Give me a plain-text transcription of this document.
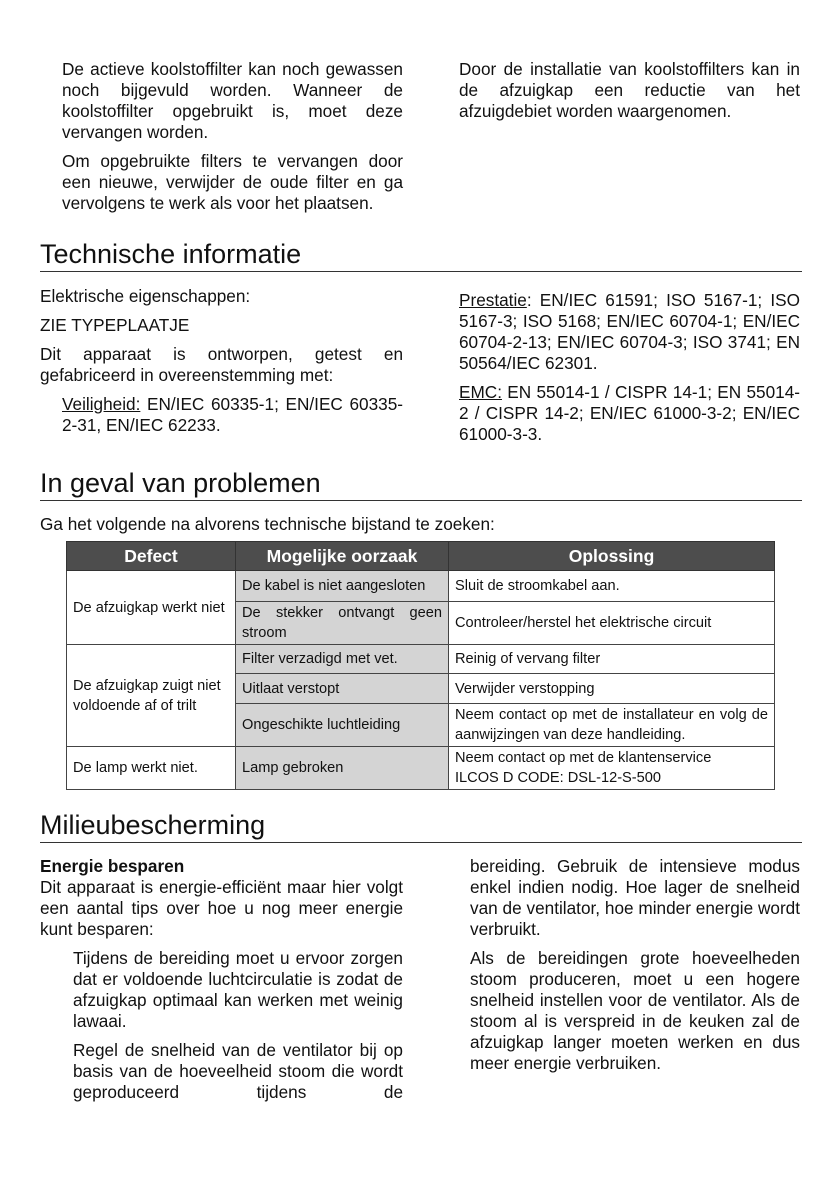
De actieve koolstoffilter kan noch gewassen noch bijgevuld worden. Wanneer de koolstoffilter opgebruikt is, moet deze vervangen worden.

Om opgebruikte filters te vervangen door een nieuwe, verwijder de oude filter en ga vervolgens te werk als voor het plaatsen.

Door de installatie van koolstoffilters kan in de afzuigkap een reductie van het afzuigdebiet worden waargenomen.

Technische informatie

Elektrische eigenschappen:

ZIE TYPEPLAATJE

Dit apparaat is ontworpen, getest en gefabriceerd in overeenstemming met:

Veiligheid: EN/IEC 60335-1; EN/IEC 60335-2-31, EN/IEC 62233.

Prestatie: EN/IEC 61591; ISO 5167-1; ISO 5167-3; ISO 5168; EN/IEC 60704-1; EN/IEC 60704-2-13; EN/IEC 60704-3; ISO 3741; EN 50564/IEC 62301.

EMC: EN 55014-1 / CISPR 14-1; EN 55014-2 / CISPR 14-2; EN/IEC 61000-3-2; EN/IEC 61000-3-3.

In geval van problemen
Ga het volgende na alvorens technische bijstand te zoeken:
Defect	Mogelijke oorzaak	Oplossing
De afzuigkap werkt niet	De kabel is niet aangesloten	Sluit de stroomkabel aan.
	De stekker ontvangt geen stroom	Controleer/herstel het elektrische circuit
De afzuigkap zuigt niet voldoende af of trilt	Filter verzadigd met vet.	Reinig of vervang filter
	Uitlaat verstopt	Verwijder verstopping
	Ongeschikte luchtleiding	Neem contact op met de installateur en volg de aanwijzingen van deze handleiding.
De lamp werkt niet.	Lamp gebroken	Neem contact op met de klantenservice
ILCOS D CODE: DSL-12-S-500
Milieubescherming

Energie besparen

Dit apparaat is energie-efficiënt maar hier volgt een aantal tips over hoe u nog meer energie kunt besparen:

Tijdens de bereiding moet u ervoor zorgen dat er voldoende luchtcirculatie is zodat de afzuigkap optimaal kan werken met weinig lawaai.

Regel de snelheid van de ventilator bij op basis van de hoeveelheid stoom die wordt geproduceerd tijdens de

bereiding. Gebruik de intensieve modus enkel indien nodig. Hoe lager de snelheid van de ventilator, hoe minder energie wordt verbruikt.

Als de bereidingen grote hoeveelheden stoom produceren, moet u een hogere snelheid instellen voor de ventilator. Als de stoom al is verspreid in de keuken zal de afzuigkap langer moeten werken en dus meer energie verbruiken.
